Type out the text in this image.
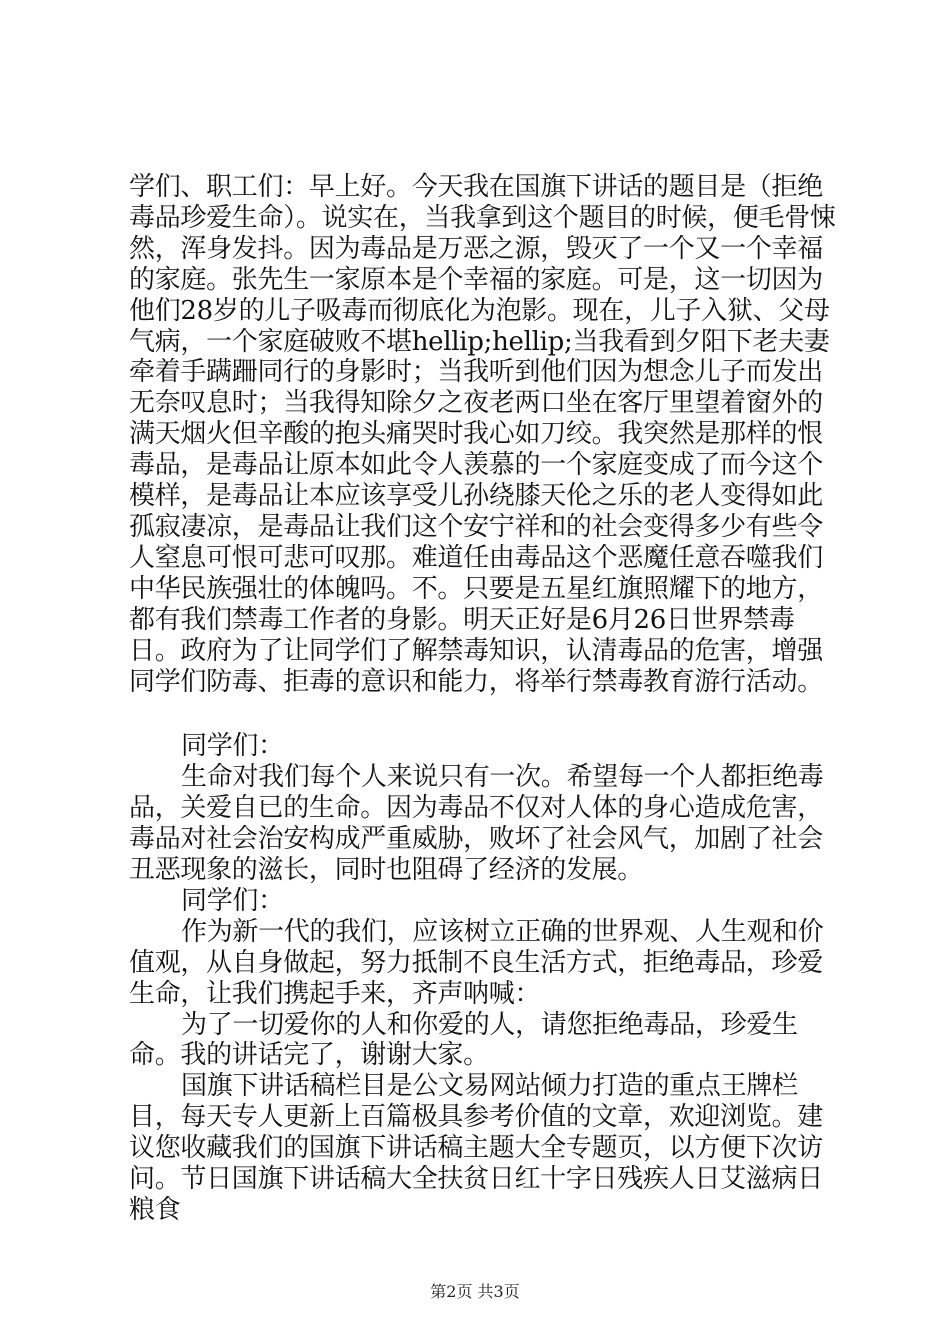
学们、职工们：早上好。今天我在国旗下讲话的题目是（拒绝毒品珍爱生命）。说实在，当我拿到这个题目的时候，便毛骨悚然，浑身发抖。因为毒品是万恶之源，毁灭了一个又一个幸福的家庭。张先生一家原本是个幸福的家庭。可是，这一切因为他们28岁的儿子吸毒而彻底化为泡影。现在，儿子入狱、父母气病，一个家庭破败不堪hellip;hellip;当我看到夕阳下老夫妻牵着手蹒跚同行的身影时；当我听到他们因为想念儿子而发出无奈叹息时；当我得知除夕之夜老两口坐在客厅里望着窗外的满天烟火但辛酸的抱头痛哭时我心如刀绞。我突然是那样的恨毒品，是毒品让原本如此令人羡慕的一个家庭变成了而今这个模样，是毒品让本应该享受儿孙绕膝天伦之乐的老人变得如此孤寂凄凉，是毒品让我们这个安宁祥和的社会变得多少有些令人窒息可恨可悲可叹那。难道任由毒品这个恶魔任意吞噬我们中华民族强壮的体魄吗。不。只要是五星红旗照耀下的地方，都有我们禁毒工作者的身影。明天正好是6月26日世界禁毒日。政府为了让同学们了解禁毒知识，认清毒品的危害，增强同学们防毒、拒毒的意识和能力，将举行禁毒教育游行活动。

同学们：

生命对我们每个人来说只有一次。希望每一个人都拒绝毒品，关爱自已的生命。因为毒品不仅对人体的身心造成危害，毒品对社会治安构成严重威胁，败坏了社会风气，加剧了社会丑恶现象的滋长，同时也阻碍了经济的发展。

同学们：

作为新一代的我们，应该树立正确的世界观、人生观和价值观，从自身做起，努力抵制不良生活方式，拒绝毒品，珍爱生命，让我们携起手来，齐声呐喊：

为了一切爱你的人和你爱的人，请您拒绝毒品，珍爱生命。我的讲话完了，谢谢大家。

国旗下讲话稿栏目是公文易网站倾力打造的重点王牌栏目，每天专人更新上百篇极具参考价值的文章，欢迎浏览。建议您收藏我们的国旗下讲话稿主题大全专题页，以方便下次访问。节日国旗下讲话稿大全扶贫日红十字日残疾人日艾滋病日粮食

第2页 共3页
